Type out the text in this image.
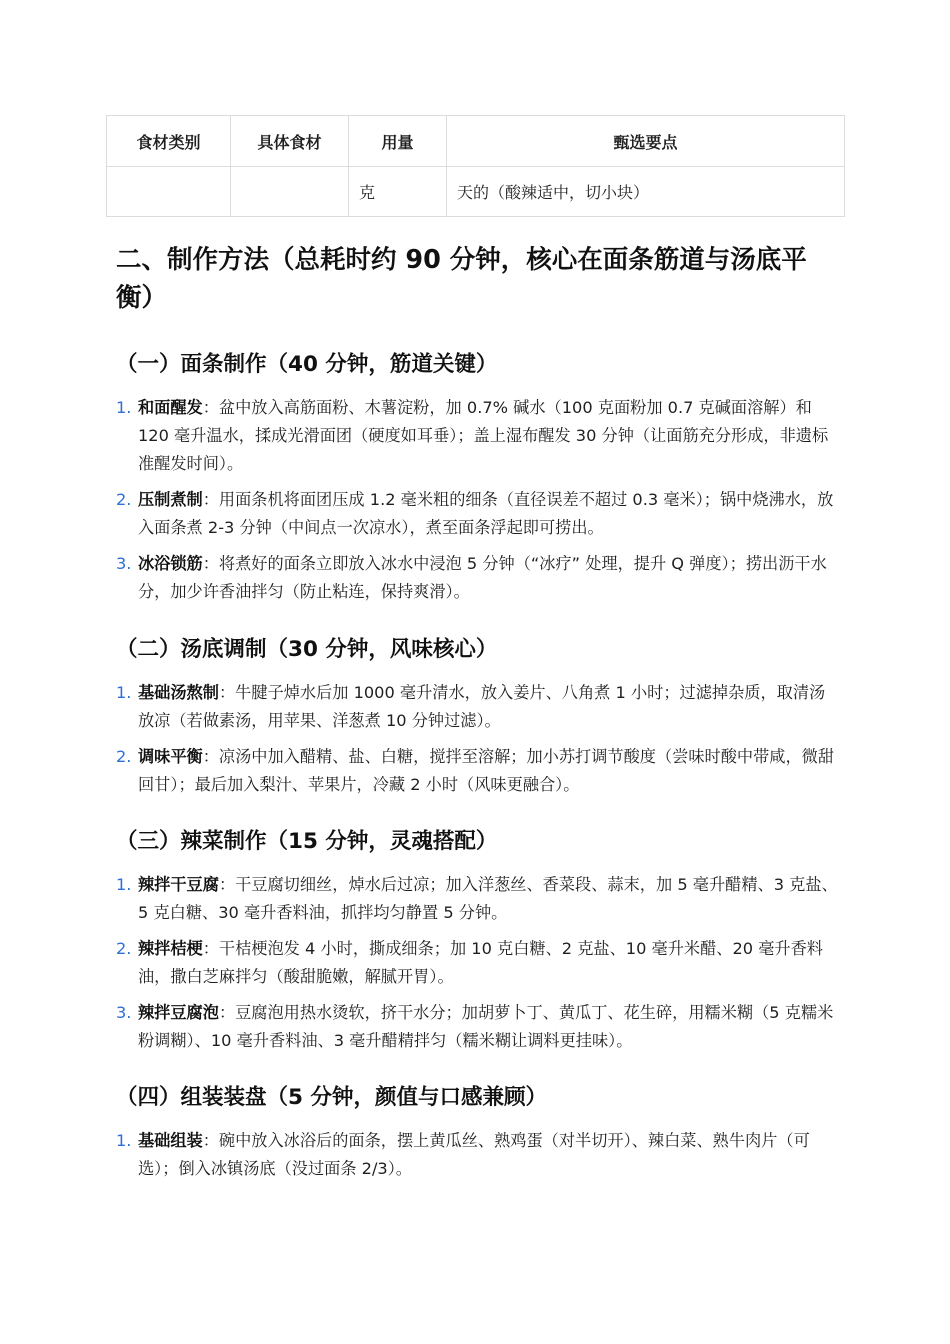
食材类别	具体食材	用量	甄选要点
		克	天的（酸辣适中，切小块）
二、制作方法（总耗时约 90 分钟，核心在面条筋道与汤底平衡）
（一）面条制作（40 分钟，筋道关键）
1. 和面醒发：盆中放入高筋面粉、木薯淀粉，加 0.7% 碱水（100 克面粉加 0.7 克碱面溶解）和 120 毫升温水，揉成光滑面团（硬度如耳垂）；盖上湿布醒发 30 分钟（让面筋充分形成，非遗标准醒发时间）。
2. 压制煮制：用面条机将面团压成 1.2 毫米粗的细条（直径误差不超过 0.3 毫米）；锅中烧沸水，放入面条煮 2-3 分钟（中间点一次凉水），煮至面条浮起即可捞出。
3. 冰浴锁筋：将煮好的面条立即放入冰水中浸泡 5 分钟（“冰疗” 处理，提升 Q 弹度）；捞出沥干水分，加少许香油拌匀（防止粘连，保持爽滑）。
（二）汤底调制（30 分钟，风味核心）
1. 基础汤熬制：牛腱子焯水后加 1000 毫升清水，放入姜片、八角煮 1 小时；过滤掉杂质，取清汤放凉（若做素汤，用苹果、洋葱煮 10 分钟过滤）。
2. 调味平衡：凉汤中加入醋精、盐、白糖，搅拌至溶解；加小苏打调节酸度（尝味时酸中带咸，微甜回甘）；最后加入梨汁、苹果片，冷藏 2 小时（风味更融合）。
（三）辣菜制作（15 分钟，灵魂搭配）
1. 辣拌干豆腐：干豆腐切细丝，焯水后过凉；加入洋葱丝、香菜段、蒜末，加 5 毫升醋精、3 克盐、5 克白糖、30 毫升香料油，抓拌均匀静置 5 分钟。
2. 辣拌桔梗：干桔梗泡发 4 小时，撕成细条；加 10 克白糖、2 克盐、10 毫升米醋、20 毫升香料油，撒白芝麻拌匀（酸甜脆嫩，解腻开胃）。
3. 辣拌豆腐泡：豆腐泡用热水烫软，挤干水分；加胡萝卜丁、黄瓜丁、花生碎，用糯米糊（5 克糯米粉调糊）、10 毫升香料油、3 毫升醋精拌匀（糯米糊让调料更挂味）。
（四）组装装盘（5 分钟，颜值与口感兼顾）
1. 基础组装：碗中放入冰浴后的面条，摆上黄瓜丝、熟鸡蛋（对半切开）、辣白菜、熟牛肉片（可选）；倒入冰镇汤底（没过面条 2/3）。
